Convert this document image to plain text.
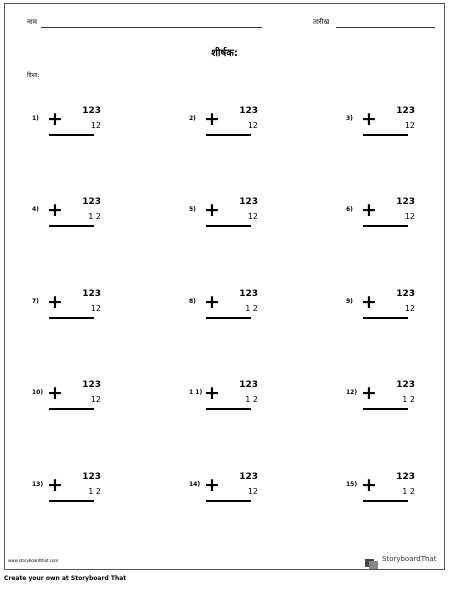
नाम	तारीख
शीर्षक:
दिशा:
1)
123
+	12
2)
123
+	12
3)
123
+	12
4)
123
+	1 2
5)
123
+	12
6)
123
+	12
7)
123
+	12
8)
123
+	1 2
9)
123
+	12
10)
123
+	12
1 1)
123
+	1 2
12)
123
+	1 2
13)
123
+	1 2
14)
123
+	12
15)
123
+	1 2
www.storyboardthat.com	StoryboardThat
Create your own at Storyboard That
